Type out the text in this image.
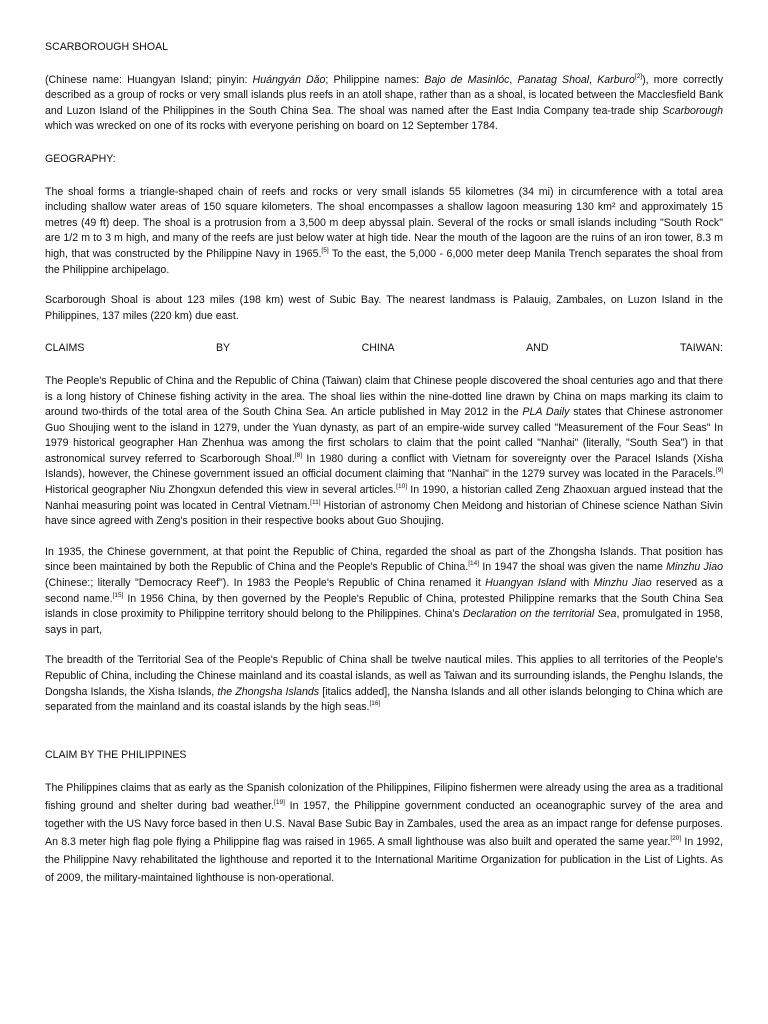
SCARBOROUGH SHOAL

(Chinese name: Huangyan Island; pinyin: Huángyán Dǎo; Philippine names: Bajo de Masinlóc, Panatag Shoal, Karburo[2]), more correctly described as a group of rocks or very small islands plus reefs in an atoll shape, rather than as a shoal, is located between the Macclesfield Bank and Luzon Island of the Philippines in the South China Sea. The shoal was named after the East India Company tea-trade ship Scarborough which was wrecked on one of its rocks with everyone perishing on board on 12 September 1784.

GEOGRAPHY:

The shoal forms a triangle-shaped chain of reefs and rocks or very small islands 55 kilometres (34 mi) in circumference with a total area including shallow water areas of 150 square kilometers. The shoal encompasses a shallow lagoon measuring 130 km² and approximately 15 metres (49 ft) deep. The shoal is a protrusion from a 3,500 m deep abyssal plain. Several of the rocks or small islands including "South Rock" are 1/2 m to 3 m high, and many of the reefs are just below water at high tide. Near the mouth of the lagoon are the ruins of an iron tower, 8.3 m high, that was constructed by the Philippine Navy in 1965.[5] To the east, the 5,000 - 6,000 meter deep Manila Trench separates the shoal from the Philippine archipelago.

Scarborough Shoal is about 123 miles (198 km) west of Subic Bay. The nearest landmass is Palauig, Zambales, on Luzon Island in the Philippines, 137 miles (220 km) due east.

CLAIMS	BY	CHINA	AND	TAIWAN:

The People's Republic of China and the Republic of China (Taiwan) claim that Chinese people discovered the shoal centuries ago and that there is a long history of Chinese fishing activity in the area. The shoal lies within the nine-dotted line drawn by China on maps marking its claim to around two-thirds of the total area of the South China Sea. An article published in May 2012 in the PLA Daily states that Chinese astronomer Guo Shoujing went to the island in 1279, under the Yuan dynasty, as part of an empire-wide survey called "Measurement of the Four Seas" In 1979 historical geographer Han Zhenhua was among the first scholars to claim that the point called "Nanhai" (literally, "South Sea") in that astronomical survey referred to Scarborough Shoal.[8] In 1980 during a conflict with Vietnam for sovereignty over the Paracel Islands (Xisha Islands), however, the Chinese government issued an official document claiming that "Nanhai" in the 1279 survey was located in the Paracels.[9] Historical geographer Niu Zhongxun defended this view in several articles.[10] In 1990, a historian called Zeng Zhaoxuan argued instead that the Nanhai measuring point was located in Central Vietnam.[11] Historian of astronomy Chen Meidong and historian of Chinese science Nathan Sivin have since agreed with Zeng's position in their respective books about Guo Shoujing.

In 1935, the Chinese government, at that point the Republic of China, regarded the shoal as part of the Zhongsha Islands. That position has since been maintained by both the Republic of China and the People's Republic of China.[14] In 1947 the shoal was given the name Minzhu Jiao (Chinese:; literally "Democracy Reef"). In 1983 the People's Republic of China renamed it Huangyan Island with Minzhu Jiao reserved as a second name.[15] In 1956 China, by then governed by the People's Republic of China, protested Philippine remarks that the South China Sea islands in close proximity to Philippine territory should belong to the Philippines. China's Declaration on the territorial Sea, promulgated in 1958, says in part,

The breadth of the Territorial Sea of the People's Republic of China shall be twelve nautical miles. This applies to all territories of the People's Republic of China, including the Chinese mainland and its coastal islands, as well as Taiwan and its surrounding islands, the Penghu Islands, the Dongsha Islands, the Xisha Islands, the Zhongsha Islands [italics added], the Nansha Islands and all other islands belonging to China which are separated from the mainland and its coastal islands by the high seas.[16]

CLAIM BY THE PHILIPPINES

The Philippines claims that as early as the Spanish colonization of the Philippines, Filipino fishermen were already using the area as a traditional fishing ground and shelter during bad weather.[19] In 1957, the Philippine government conducted an oceanographic survey of the area and together with the US Navy force based in then U.S. Naval Base Subic Bay in Zambales, used the area as an impact range for defense purposes. An 8.3 meter high flag pole flying a Philippine flag was raised in 1965. A small lighthouse was also built and operated the same year.[20] In 1992, the Philippine Navy rehabilitated the lighthouse and reported it to the International Maritime Organization for publication in the List of Lights. As of 2009, the military-maintained lighthouse is non-operational.
